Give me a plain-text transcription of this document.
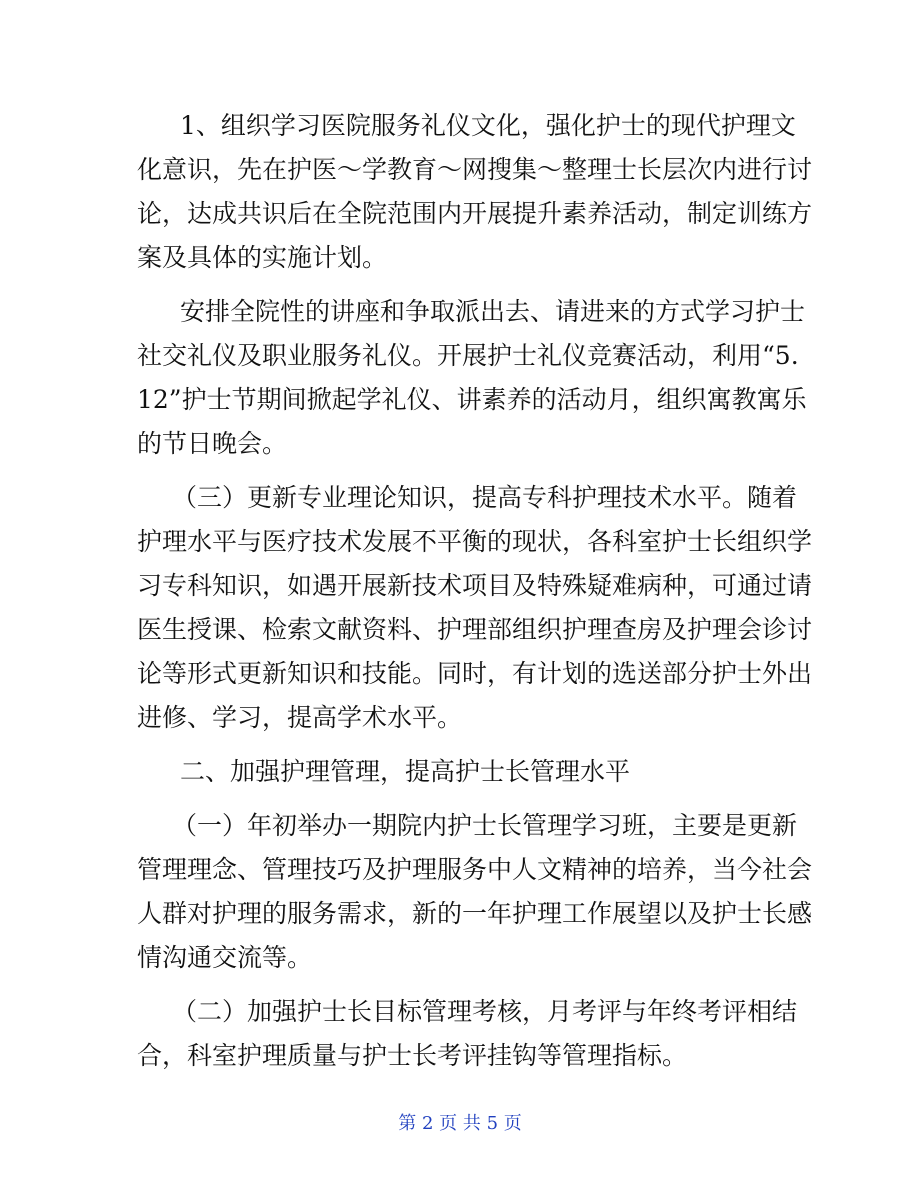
1、组织学习医院服务礼仪文化，强化护士的现代护理文
化意识，先在护医～学教育～网搜集～整理士长层次内进行讨
论，达成共识后在全院范围内开展提升素养活动，制定训练方
案及具体的实施计划。
安排全院性的讲座和争取派出去、请进来的方式学习护士
社交礼仪及职业服务礼仪。开展护士礼仪竞赛活动，利用“5.
12”护士节期间掀起学礼仪、讲素养的活动月，组织寓教寓乐
的节日晚会。
（三）更新专业理论知识，提高专科护理技术水平。随着
护理水平与医疗技术发展不平衡的现状，各科室护士长组织学
习专科知识，如遇开展新技术项目及特殊疑难病种，可通过请
医生授课、检索文献资料、护理部组织护理查房及护理会诊讨
论等形式更新知识和技能。同时，有计划的选送部分护士外出
进修、学习，提高学术水平。
二、加强护理管理，提高护士长管理水平
（一）年初举办一期院内护士长管理学习班，主要是更新
管理理念、管理技巧及护理服务中人文精神的培养，当今社会
人群对护理的服务需求，新的一年护理工作展望以及护士长感
情沟通交流等。
（二）加强护士长目标管理考核，月考评与年终考评相结
合，科室护理质量与护士长考评挂钩等管理指标。
第 2 页 共 5 页
